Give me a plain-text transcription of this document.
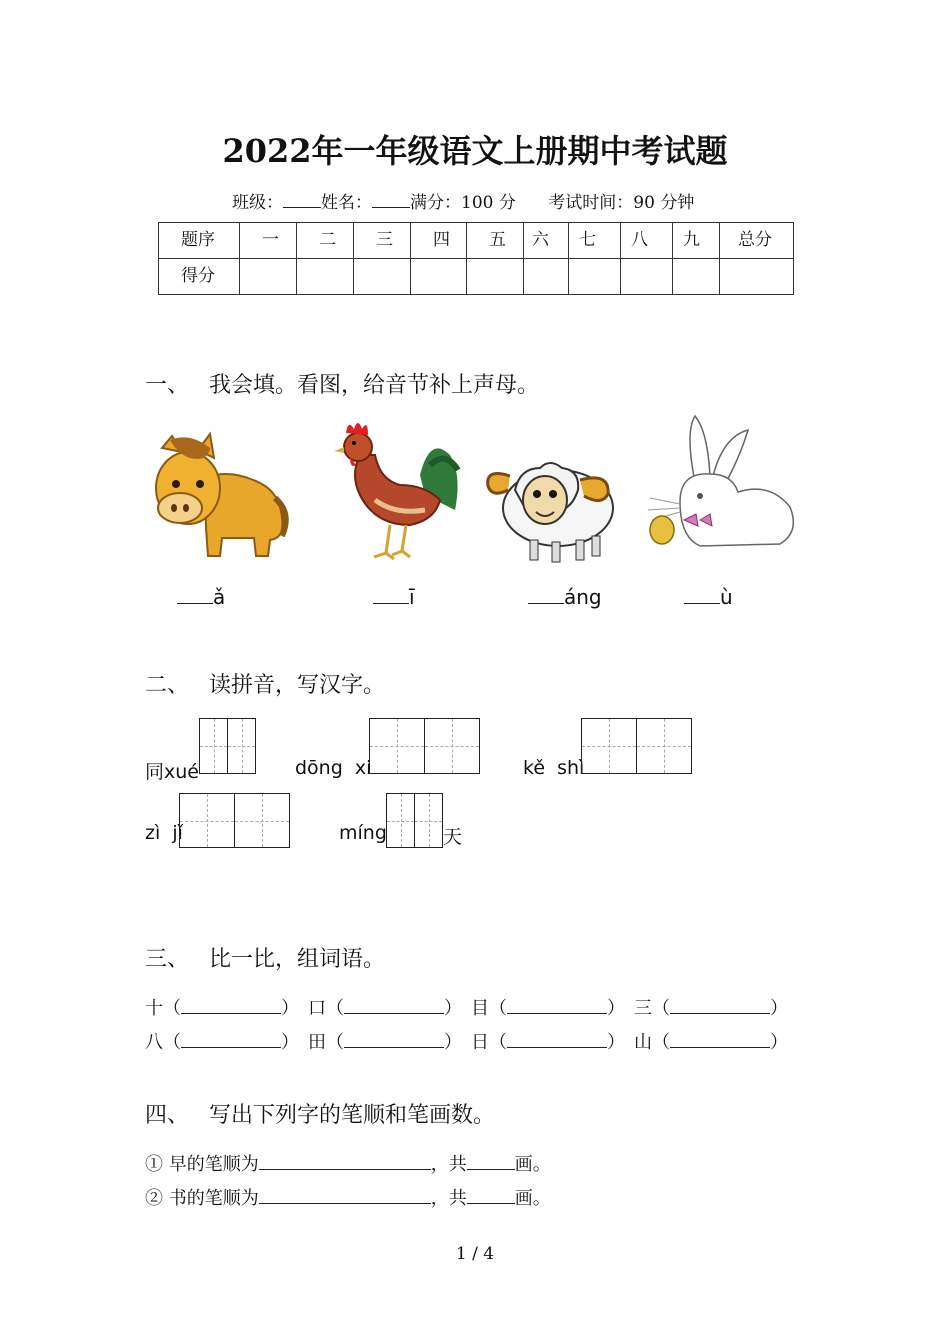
2022年一年级语文上册期中考试题
班级： 姓名： 满分：100 分 考试时间：90 分钟
题序	一	二	三	四	五	六	七	八	九	总分
得分										
一、 我会填。看图，给音节补上声母。
ǎ	ī	áng	ù
二、 读拼音，写汉字。
同xué	dōng  xi	kě  shì
zì  jǐ	míng	天
三、 比一比，组词语。
十（	） 口（	） 目（	） 三（	）
八（	） 田（	） 日（	） 山（	）
四、 写出下列字的笔顺和笔画数。
① 早的笔顺为	，共	画。
② 书的笔顺为	，共	画。
1 / 4
